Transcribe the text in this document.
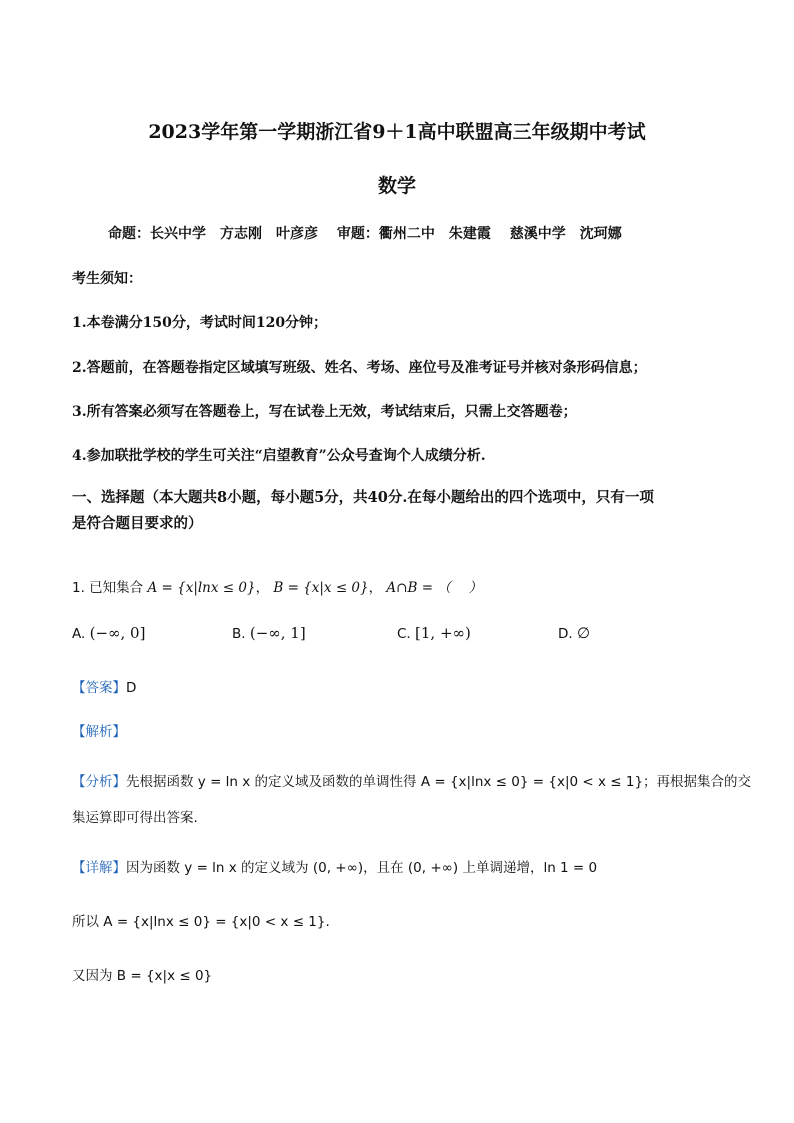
2023学年第一学期浙江省9＋1高中联盟高三年级期中考试
数学
命题：长兴中学　方志刚　叶彦彦　 审题：衢州二中　朱建霞　 慈溪中学　沈珂娜
考生须知：
1.本卷满分150分，考试时间120分钟；
2.答题前，在答题卷指定区域填写班级、姓名、考场、座位号及准考证号并核对条形码信息；
3.所有答案必须写在答题卷上，写在试卷上无效，考试结束后，只需上交答题卷；
4.参加联批学校的学生可关注“启望教育”公众号查询个人成绩分析.
一、选择题（本大题共8小题，每小题5分，共40分.在每小题给出的四个选项中，只有一项
是符合题目要求的）
1. 已知集合 A = {x|lnx ≤ 0}， B = {x|x ≤ 0}， A∩B = （　 ）
A. (−∞, 0]	B. (−∞, 1]	C. [1, +∞)	D. ∅
【答案】D
【解析】
【分析】先根据函数 y = ln x 的定义域及函数的单调性得 A = {x|lnx ≤ 0} = {x|0 < x ≤ 1}；再根据集合的交
集运算即可得出答案.
【详解】因为函数 y = ln x 的定义域为 (0, +∞)，且在 (0, +∞) 上单调递增，ln 1 = 0
所以 A = {x|lnx ≤ 0} = {x|0 < x ≤ 1}.
又因为 B = {x|x ≤ 0}
